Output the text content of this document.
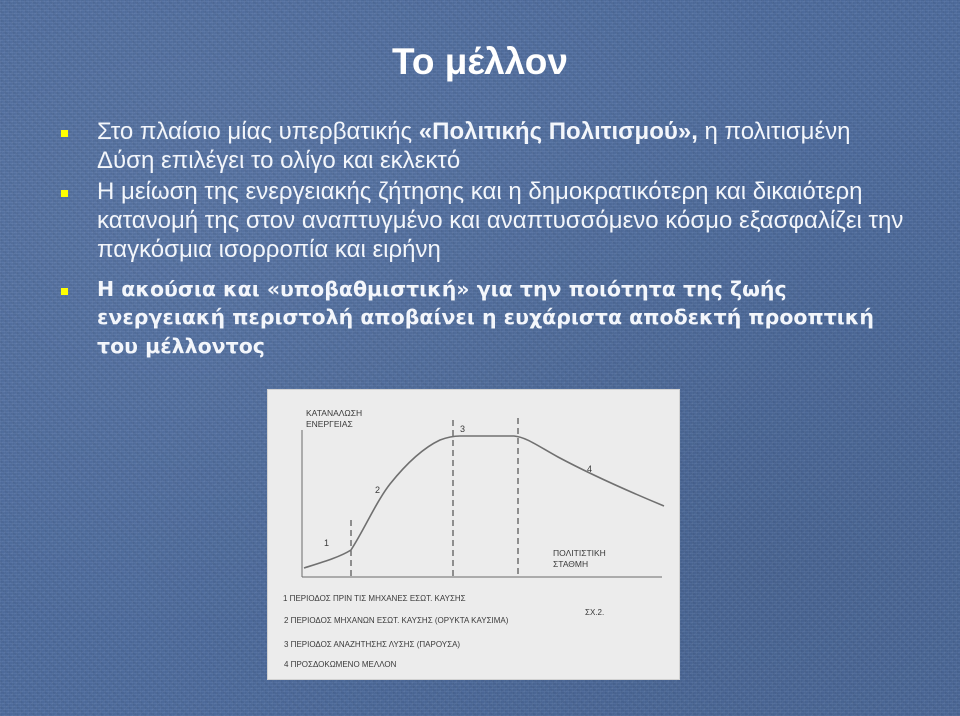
Το μέλλον
Στο πλαίσιο μίας υπερβατικής «Πολιτικής Πολιτισμού», η πολιτισμένη
Δύση επιλέγει το ολίγο και εκλεκτό
Η μείωση της ενεργειακής ζήτησης και η δημοκρατικότερη και δικαιότερη
κατανομή της στον αναπτυγμένο και αναπτυσσόμενο κόσμο εξασφαλίζει την
παγκόσμια ισορροπία και ειρήνη
Η ακούσια και «υποβαθμιστική» για την ποιότητα της ζωής
ενεργειακή περιστολή αποβαίνει η ευχάριστα αποδεκτή προοπτική
του μέλλοντος
ΚΑΤΑΝΑΛΩΣΗ
ΕΝΕΡΓΕΙΑΣ
ΠΟΛΙΤΙΣΤΙΚΗ
ΣΤΑΘΜΗ
1
2
3
4
1 ΠΕΡΙΟΔΟΣ ΠΡΙΝ ΤΙΣ ΜΗΧΑΝΕΣ ΕΣΩΤ. ΚΑΥΣΗΣ
2 ΠΕΡΙΟΔΟΣ ΜΗΧΑΝΩΝ ΕΣΩΤ. ΚΑΥΣΗΣ (ΟΡΥΚΤΑ ΚΑΥΣΙΜΑ)
3 ΠΕΡΙΟΔΟΣ ΑΝΑΖΗΤΗΣΗΣ ΛΥΣΗΣ (ΠΑΡΟΥΣΑ)
4 ΠΡΟΣΔΟΚΩΜΕΝΟ ΜΕΛΛΟΝ
ΣΧ.2.
